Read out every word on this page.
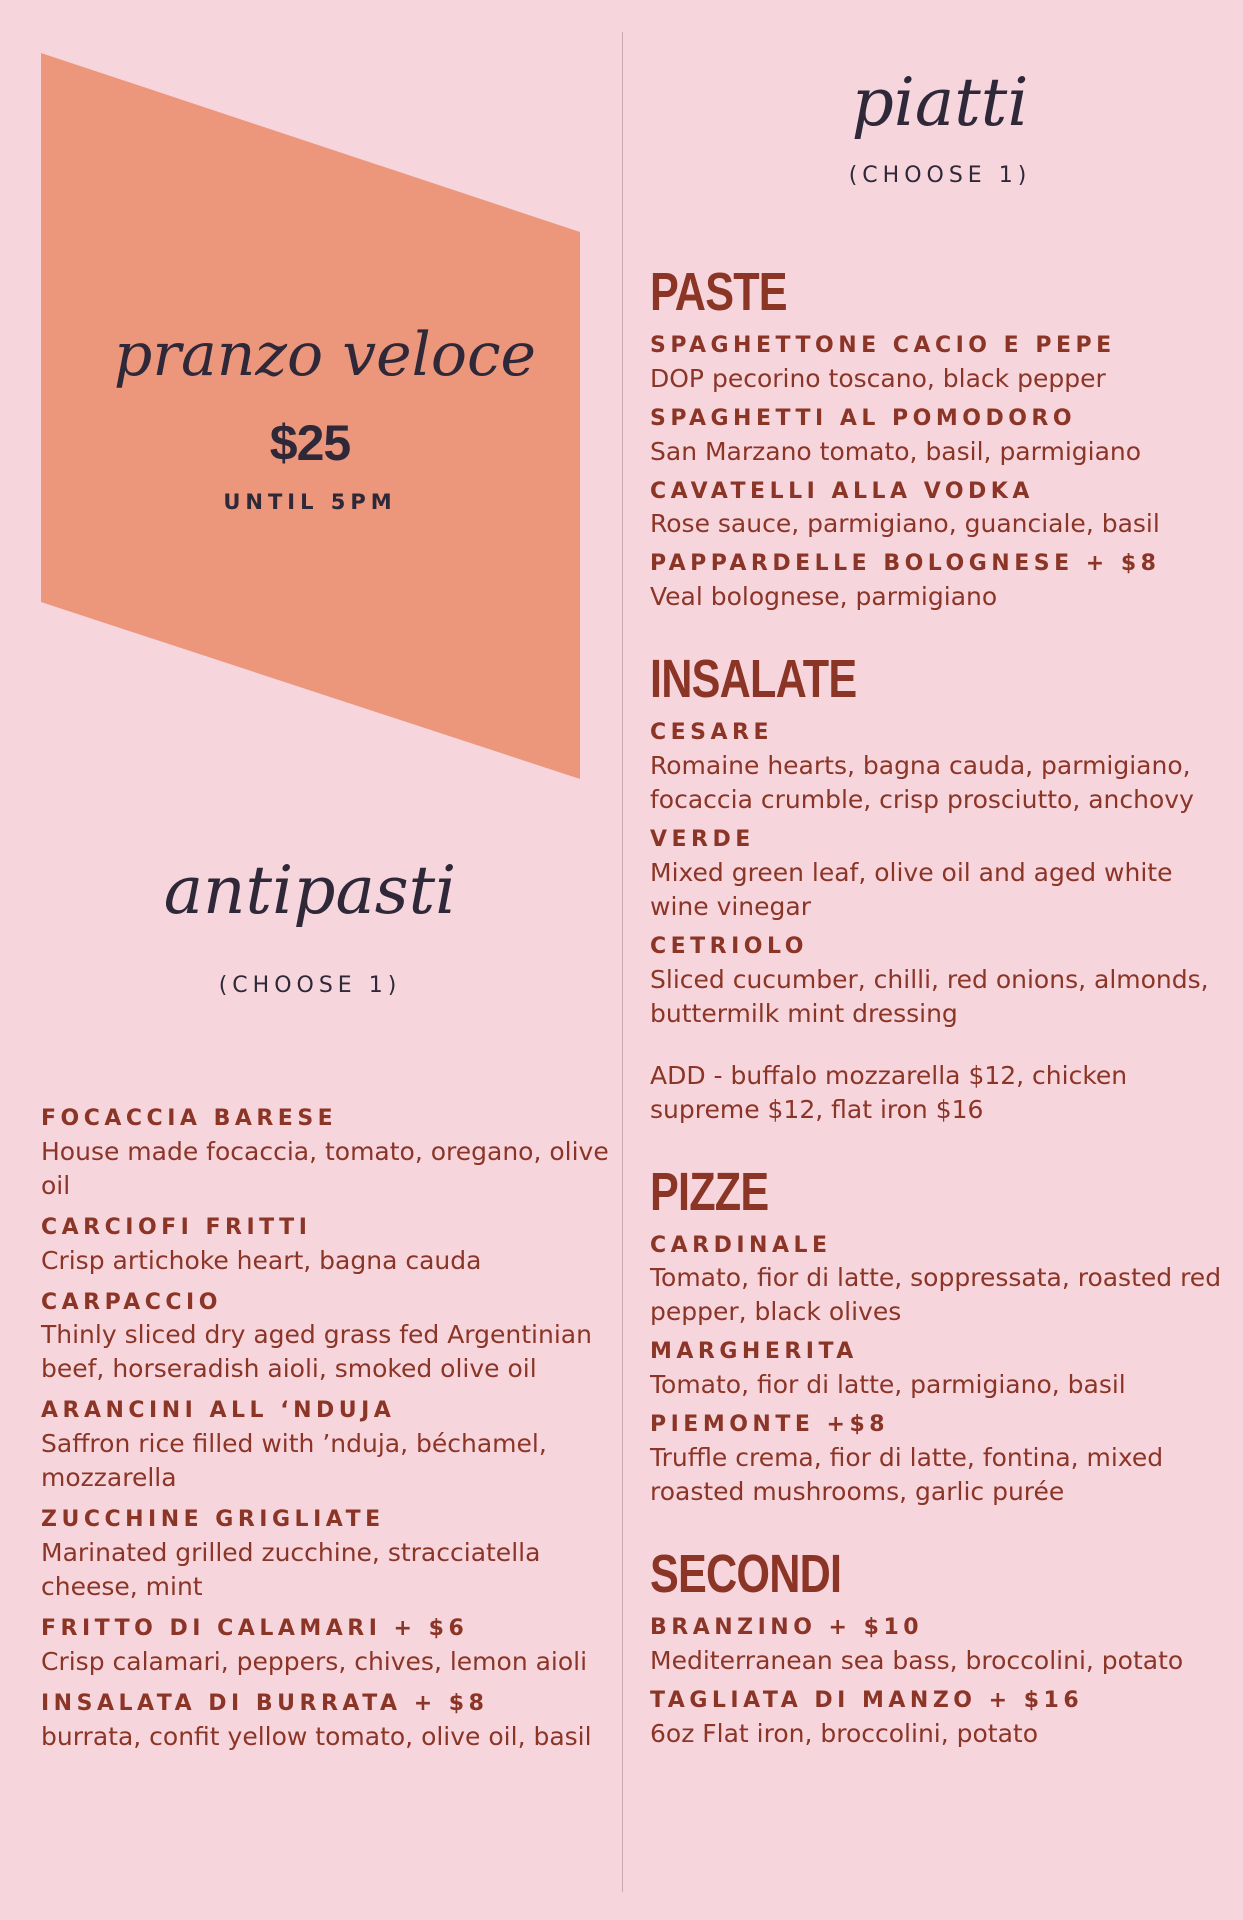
pranzo veloce

$25

UNTIL 5PM

antipasti

(CHOOSE 1)

FOCACCIA BARESE
House made focaccia, tomato, oregano, olive oil
CARCIOFI FRITTI
Crisp artichoke heart, bagna cauda
CARPACCIO
Thinly sliced dry aged grass fed Argentinian beef, horseradish aioli, smoked olive oil
ARANCINI ALL ‘NDUJA
Saffron rice filled with ’nduja, béchamel, mozzarella
ZUCCHINE GRIGLIATE
Marinated grilled zucchine, stracciatella cheese, mint
FRITTO DI CALAMARI + $6
Crisp calamari, peppers, chives, lemon aioli
INSALATA DI BURRATA + $8
burrata, confit yellow tomato, olive oil, basil
piatti

(CHOOSE 1)

PASTE
SPAGHETTONE CACIO E PEPE
DOP pecorino toscano, black pepper
SPAGHETTI AL POMODORO
San Marzano tomato, basil, parmigiano
CAVATELLI ALLA VODKA
Rose sauce, parmigiano, guanciale, basil
PAPPARDELLE BOLOGNESE + $8
Veal bolognese, parmigiano
INSALATE
CESARE
Romaine hearts, bagna cauda, parmigiano, focaccia crumble, crisp prosciutto, anchovy
VERDE
Mixed green leaf, olive oil and aged white wine vinegar
CETRIOLO
Sliced cucumber, chilli, red onions, almonds, buttermilk mint dressing
ADD - buffalo mozzarella $12, chicken supreme $12, flat iron $16
PIZZE
CARDINALE
Tomato, fior di latte, soppressata, roasted red pepper, black olives
MARGHERITA
Tomato, fior di latte, parmigiano, basil
PIEMONTE +$8
Truffle crema, fior di latte, fontina, mixed roasted mushrooms, garlic purée
SECONDI
BRANZINO + $10
Mediterranean sea bass, broccolini, potato
TAGLIATA DI MANZO + $16
6oz Flat iron, broccolini, potato
